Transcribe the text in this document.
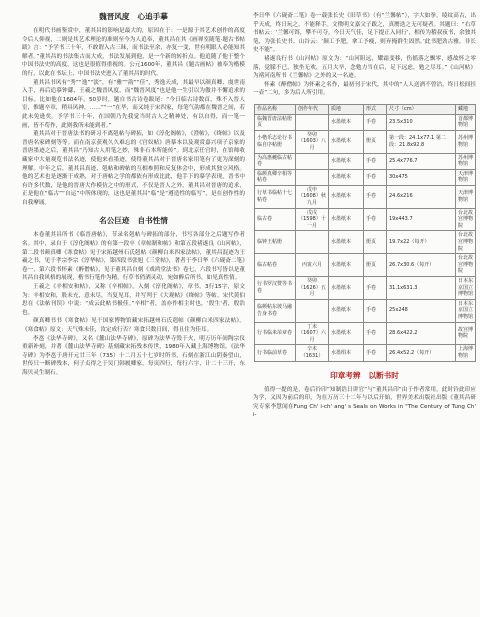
魏晋风度 心追手摹

在明代书画鉴赏中，董其昌的影响是最大的，原因在于：一是源于其艺术创作的高度令后人仰视，二则是其艺术理论的准则至今为人追奉，董其昌在其《画禅室随笔·题古书帖跋》言：“予学书三十年，不敢谓入古三昧，而书法至余，亦复一变，世有明眼人必能知其解者。”董其昌的书法集古而大成，书法发展到他，是一个新的转折点。他追随了他于整个中国书法史的高度，这也是很值得重视的。公元1600年，董其昌《题古画帖》被奉为楷模的行，以此在书坛上，中国书法史进入了董其昌的时代。

董其昌书风有“秀”“逸”“淡”，有“雅”“韵”“佳”，秀逸天成，其最早以颜真卿、虞世南入手，再后追摹钟繇、王羲之魏晋风度，而“魏晋风度”也是他一生引以为傲并不懈追求的目标。比如他在1604年，50岁时，题自书古诗卷跋尾：“今日临古诗数首，殊不入晋人室，惟题卒章，稍具风神，……”“一”在毕，而又纯于宋四家，每笔气韵都在魏晋之间，若此未免逊矣。予学书三十年，在国朝乃先我觉当时古人之精神处，有以自得，而一笔一画，皆不苟作，此则我所未能到者。”

董其昌对于晋唐法书的研习不离剋帖与碑拓，如《淳化阁帖》，《澄帖》，《绛帖》以及晋唐名家碑刻等等。而在南京获观久久难忘的《宫奴帖》唐摹本以及观赏嘉兴项子京家的晋唐墨迹之后，董其昌“乃知古人用笔之妙，殊非石本所能传”。到北京任官时，在馆师收藏家中大量观览书法名迹，使他来看墨迹，使得董其昌对于晋唐名家用笔有了更为深刻的理解。中年之后，董其昌真迹、剋帖和碑帖的互相参照和反复体会中，形成其独立风格。他的艺术也是逐渐于成熟，对于唐帖之学的都依有形成比此，他手下的摹学表现，晋书中有许多代数，是他的晋唐大作模仿之中的形式，不仅是晋人之外，董其昌对晋唐的追求，正是他在“临古”“自运”中所体现的，这也是董其昌“临”是“遵造性的临写”，是在创作性的自我摩诵。

名公巨迹 自书性情

本卷董其昌所书《临晋唐帖》，节录名剋帖与碑拓的部分，书写各部分之后题写作者名。其中，录自于《淳化阁帖》的有第一段卒《章帖制和帖》和第五段褚遂良《山河帖》，第二段书颜真卿《寒食帖》见于宋拓越州石氏剋帖《颜柳白米四家法帖》，董其昌混迹为王羲之书，见于孝宗李宗《淳华帖》，第四段书张旭《三堂帖》，著者于李日华《六砚斋二笔》卷一，第六段书怀素《醉僧帖》，见于董其昌自刻《戏鸿堂法书》卷七，六段书写皆以是董其昌自我风格的展现，楷书行笔作为精，行草书俏洒灵动，宛如醉后所书，如见真性情。

王羲之《辛相安和帖》，又称《辛相帖》，入刻《淳化阁帖》，章书，3行15字，原文为：辛相安和，股未充，意未尽，当复见耳，并写判于《大观帖》《绛帖》等帖。宋代黄伯思在《法帖刊误》中说：“成云此帖书极佳。”辛相”者，盖亦作相主时也，‘殷生’者，殷浩也。

颜真卿书书《寒食帖》见于国家博物馆藏宋拓越州石氏剋帖《颜柳白米四家法帖》。《寒食帖》原文：天气殊未佳，汝定成行否？寒食只数日间，得且住为佳耳。

李邕《法华寺碑》，又名《麓山法华寺碑》，原碑为法华寺毁于火，明万历年间陶宗仪重新补刻，并著《麓山法华寺碑》基刻藏宋拓残本传世，1980年入藏上海博物馆。《法华寺碑》为李邕于唐开元廿三年（735）十二月五十七岁时所书，石刻在浙江山阴秦望山，世传只一断碑残本，何子贞得之于吴门韩履卿家，每页四行，每行六字，计二十三开，东海贝灵生制石。

李日华《六砚斋二笔》卷一载张长史《旧草书》（有“兰馨帖”），字大如拳，绫纹高古，出乎天成，终日玩之，不能释手。文徵明文嘉父子跋之，真赝迭之无可疑者。其题曰：“右草书帖云：‘兰馨可饵，攀不可夺。今日天气佳，足下提正入同行’，相传为稽叔夜书，余独其笔，为张长史书。山谷云：‘颠工予肥，拿工予瘦，则弃掩群生固然。’此书肥劲古雅，非长史不能”。

褚遂良行书《山河帖》原文为：“山河阻远，耀霜变移，伤摇落之飘零，感故怀之零落，觉朦不已，独坐无欢，五月大旱，念勉力当在后，足下远虑，勉之尽耳。”《山河帖》为褚河南所书《兰馨帖》之外的又一名迹。

怀素《醉僧帖》为怀素之名作，最初刊于宋代，其中的“人人送酒不曾沽，终日松间挂一壶”二句，多为后人所引用。

作品名称	创作年代	质地	形式	尺寸（cm）	藏地
临魏晋唐法帖册页		水墨纸本	手卷	23.5x310	首都博物馆
小楷乐志论行书临自序帖册	癸卯（1603）八月	水墨纸本	册页	第一段：24.1x77.1 第二段：21.8x92.8	苏州博物馆
为高惠夔临古帖卷		水墨纸本	手卷	25.4x776.7	苏州博物馆
临颜真卿辛相等帖卷		水墨纸本	手卷	30x475	天津博物馆
行草书临帖十七帖卷	戊申（1608）秋九月	水墨纸本	手卷	24.6x216	天津博物馆
临古卷	戊戌（1598）十一月	水墨纸本	手卷	19x443.7	台北故宫博物院
临钟王帖册		水墨纸本	册页	19.7x22（每开）	台北故宫博物院
临古帖卷	丙寅六月	水墨纸本	册页	26.7x30.6（每开）	台北故宫博物院
行书罗汉赞等书卷	癸卯（1626）五月	水墨纸本	手卷	31.1x631.3	日本东京国立博物馆
临颜帖东坡马融告身书卷		水墨纸本	手卷	25x248	日本东京国立博物馆
行书临米芾章卷	丁未（1607）六月	水墨纸本	手卷	28.6x422.2	故宫博物院
行书临前草卷	辛未（1631）	水墨绢本	手卷	26.4x52.2（每开）	上海博物馆
印章考辨 以断书时

值得一提的是，卷后钤印“知制诰日讲官”与“董其昌印”由于作者常用，此时钤此印应为学，又因为前后的印，为在万历三十二年与以后开始，世界美术出版社出版《董其昌研究专家李慧闻在Fung Ch' i-ch' ang' s Seals on Works in "The Century of Tung Ch' i-
